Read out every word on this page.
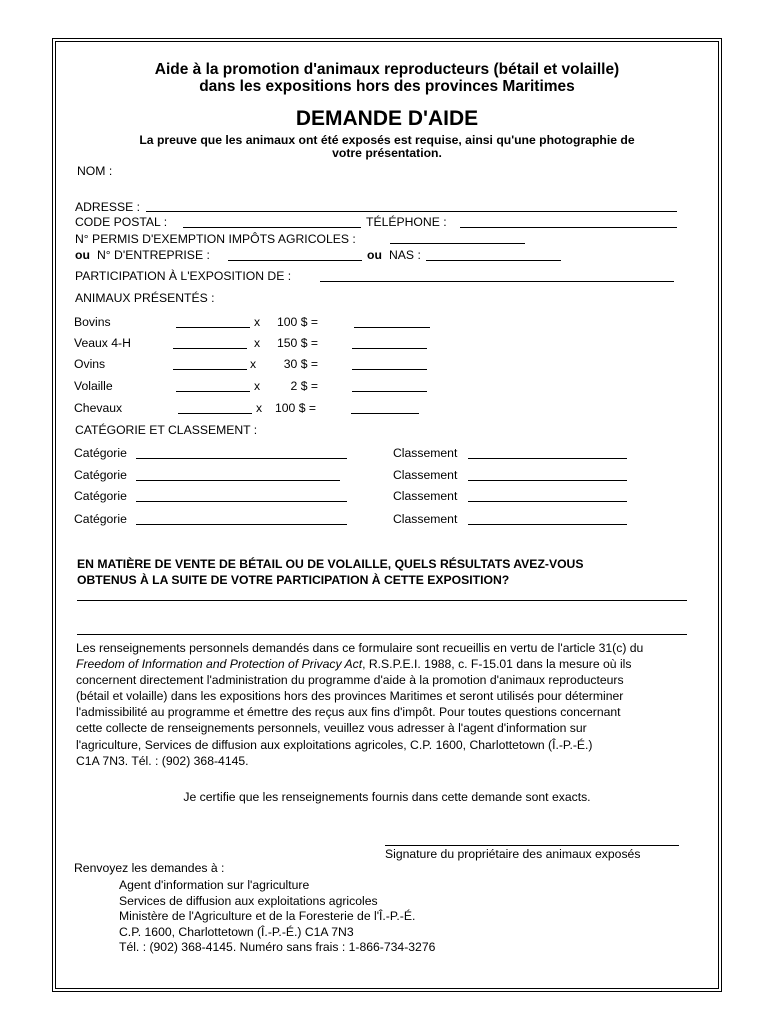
Aide à la promotion d'animaux reproducteurs (bétail et volaille)
dans les expositions hors des provinces Maritimes
DEMANDE D'AIDE
La preuve que les animaux ont été exposés est requise, ainsi qu'une photographie de
votre présentation.
NOM :
ADRESSE :
CODE POSTAL :	TÉLÉPHONE :
N° PERMIS D'EXEMPTION IMPÔTS AGRICOLES :
ou N° D'ENTREPRISE :	ou NAS :
PARTICIPATION À L'EXPOSITION DE :
ANIMAUX PRÉSENTÉS :
Bovins	x	100 $ =
Veaux 4-H	x	150 $ =
Ovins	x	30 $ =
Volaille	x	2 $ =
Chevaux	x	100 $ =
CATÉGORIE ET CLASSEMENT :
Catégorie	Classement
Catégorie	Classement
Catégorie	Classement
Catégorie	Classement
EN MATIÈRE DE VENTE DE BÉTAIL OU DE VOLAILLE, QUELS RÉSULTATS AVEZ-VOUS
OBTENUS À LA SUITE DE VOTRE PARTICIPATION À CETTE EXPOSITION?
Les renseignements personnels demandés dans ce formulaire sont recueillis en vertu de l'article 31(c) du
Freedom of Information and Protection of Privacy Act, R.S.P.E.I. 1988, c. F-15.01 dans la mesure où ils
concernent directement l'administration du programme d'aide à la promotion d'animaux reproducteurs
(bétail et volaille) dans les expositions hors des provinces Maritimes et seront utilisés pour déterminer
l'admissibilité au programme et émettre des reçus aux fins d'impôt. Pour toutes questions concernant
cette collecte de renseignements personnels, veuillez vous adresser à l'agent d'information sur
l'agriculture, Services de diffusion aux exploitations agricoles, C.P. 1600, Charlottetown (Î.-P.-É.)
C1A 7N3. Tél. : (902) 368-4145.
Je certifie que les renseignements fournis dans cette demande sont exacts.
Signature du propriétaire des animaux exposés
Renvoyez les demandes à :
Agent d'information sur l'agriculture
Services de diffusion aux exploitations agricoles
Ministère de l'Agriculture et de la Foresterie de l'Î.-P.-É.
C.P. 1600, Charlottetown (Î.-P.-É.) C1A 7N3
Tél. : (902) 368-4145. Numéro sans frais : 1-866-734-3276
